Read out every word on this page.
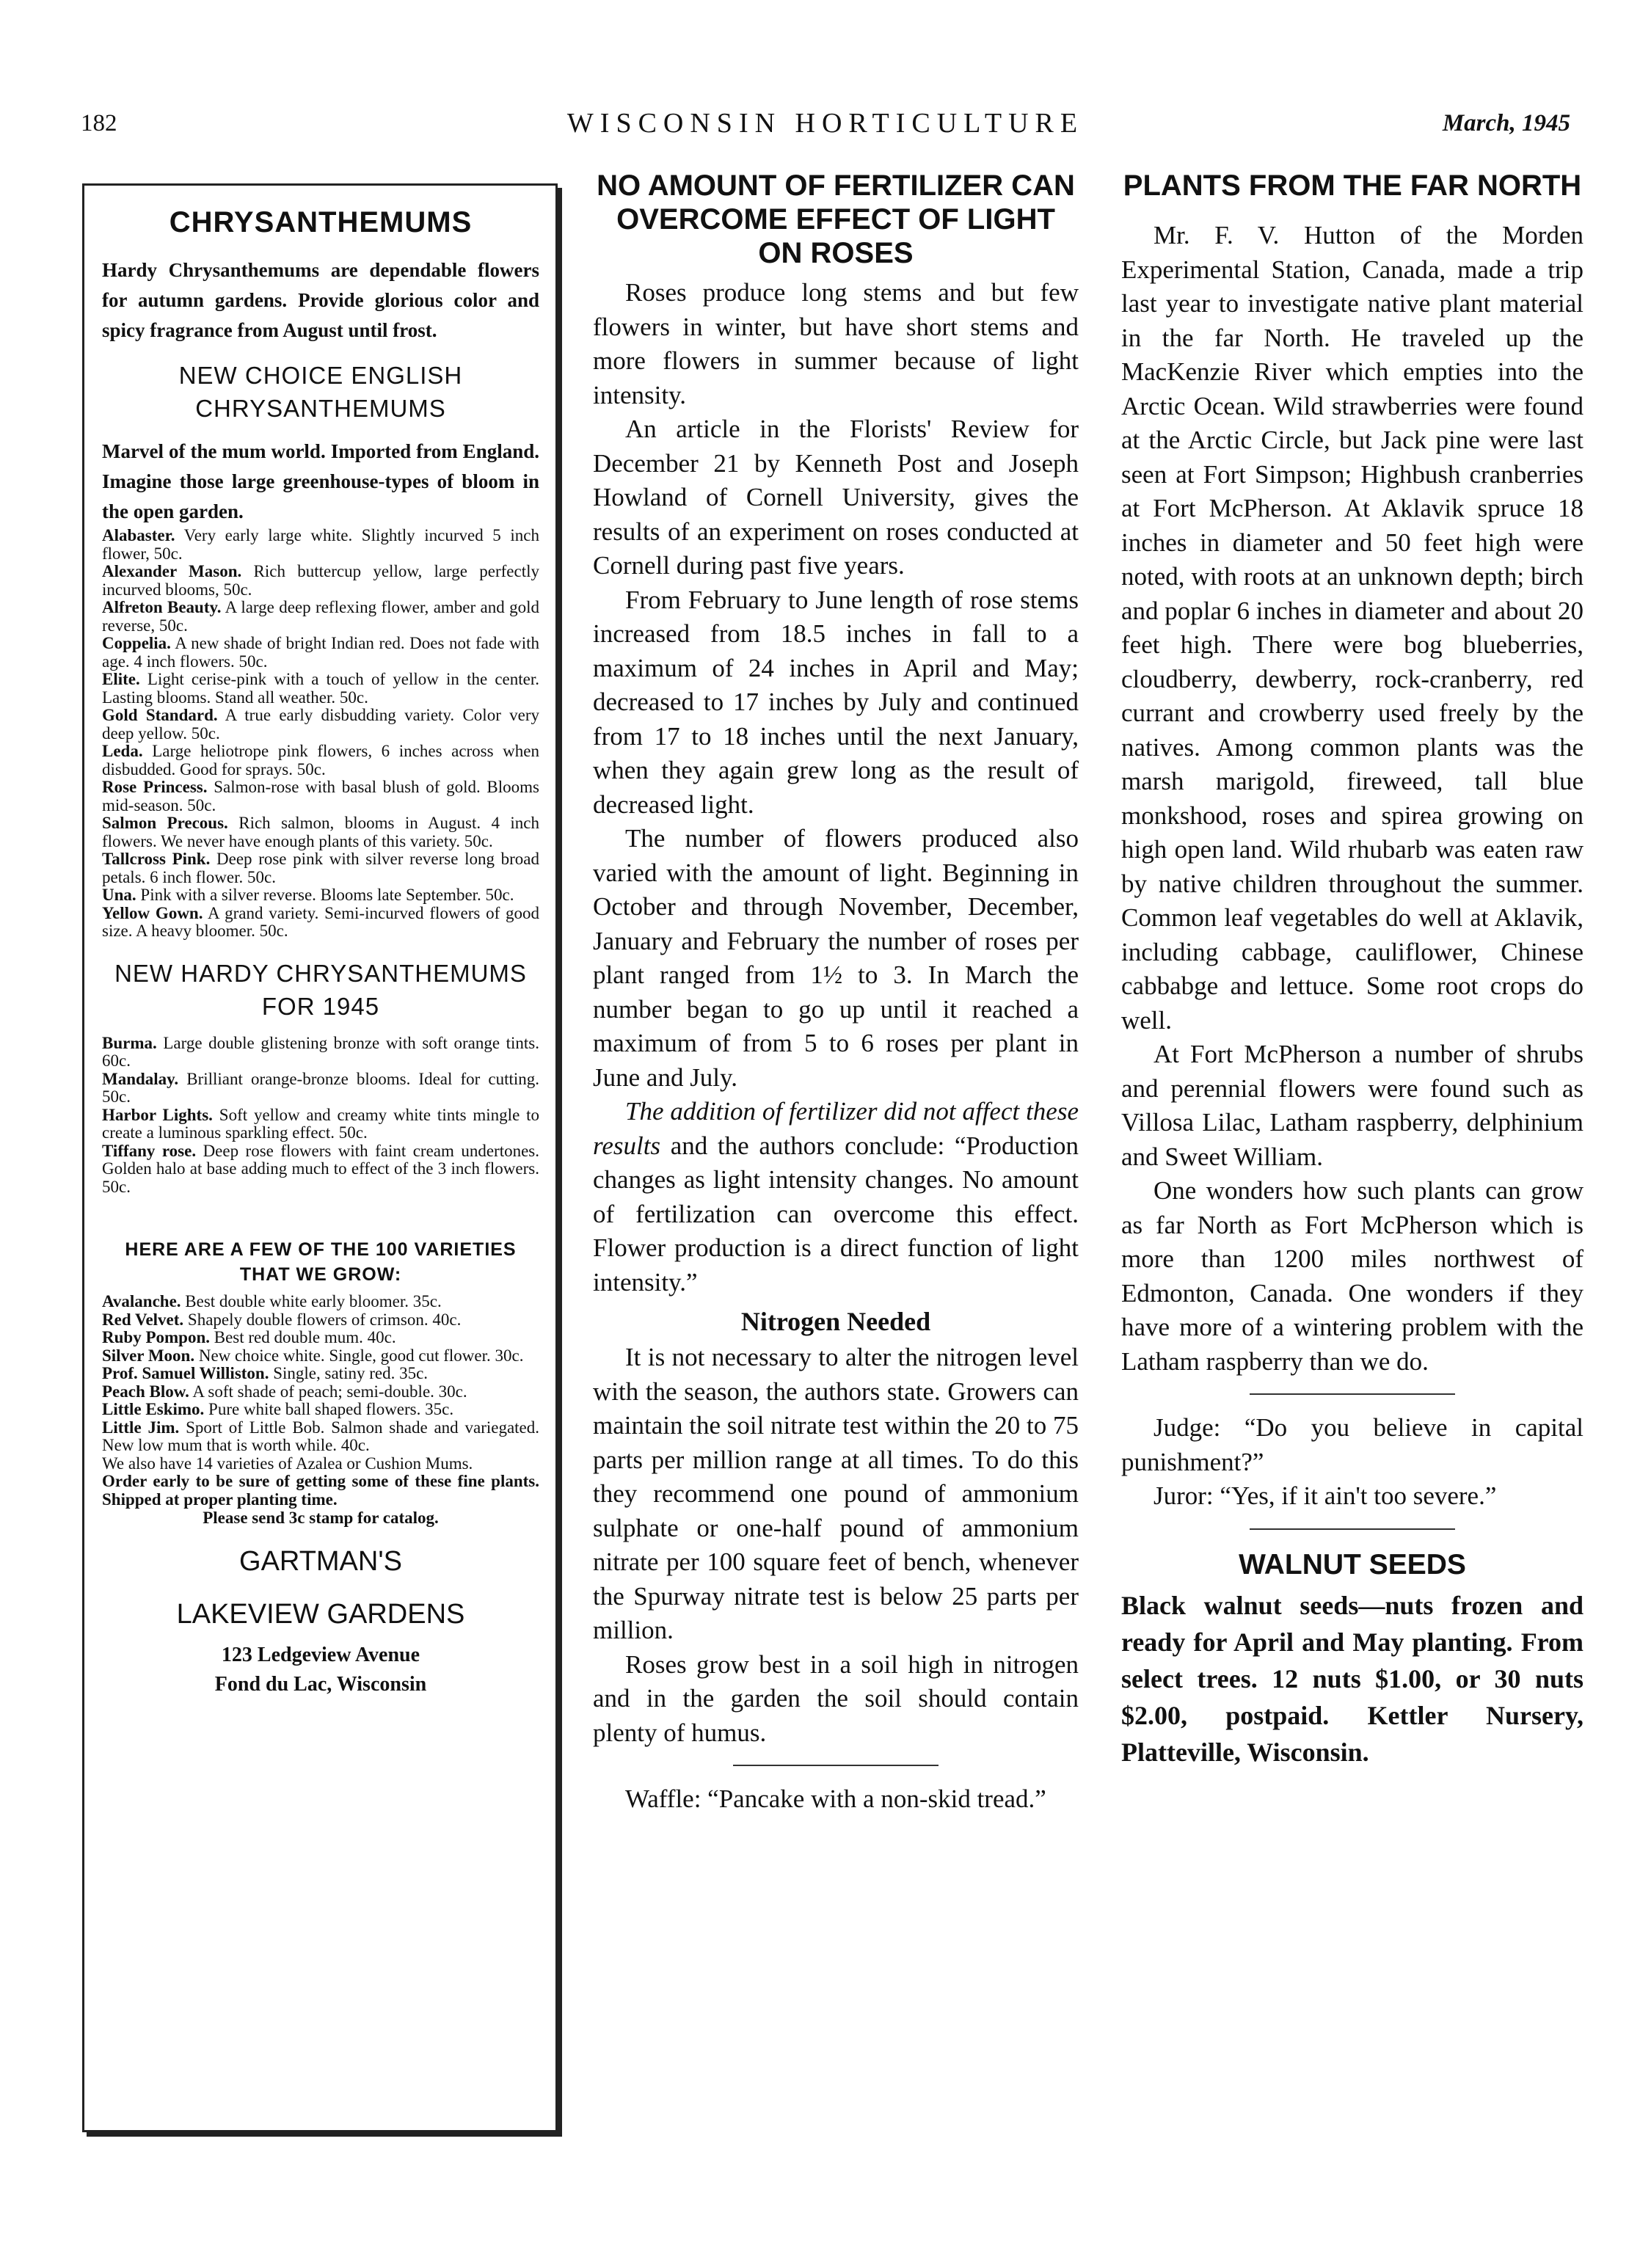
182	WISCONSIN HORTICULTURE	March, 1945
CHRYSANTHEMUMS
Hardy Chrysanthemums are dependable flowers for autumn gardens. Provide glorious color and spicy fragrance from August until frost.
NEW CHOICE ENGLISH CHRYSANTHEMUMS
Marvel of the mum world. Imported from England. Imagine those large greenhouse-types of bloom in the open garden.

Alabaster. Very early large white. Slightly incurved 5 inch flower, 50c.

Alexander Mason. Rich buttercup yellow, large perfectly incurved blooms, 50c.

Alfreton Beauty. A large deep reflexing flower, amber and gold reverse, 50c.

Coppelia. A new shade of bright Indian red. Does not fade with age. 4 inch flowers. 50c.

Elite. Light cerise-pink with a touch of yellow in the center. Lasting blooms. Stand all weather. 50c.

Gold Standard. A true early disbudding variety. Color very deep yellow. 50c.

Leda. Large heliotrope pink flowers, 6 inches across when disbudded. Good for sprays. 50c.

Rose Princess. Salmon-rose with basal blush of gold. Blooms mid-season. 50c.

Salmon Precous. Rich salmon, blooms in August. 4 inch flowers. We never have enough plants of this variety. 50c.

Tallcross Pink. Deep rose pink with silver reverse long broad petals. 6 inch flower. 50c.

Una. Pink with a silver reverse. Blooms late September. 50c.

Yellow Gown. A grand variety. Semi-incurved flowers of good size. A heavy bloomer. 50c.

NEW HARDY CHRYSANTHEMUMS FOR 1945

Burma. Large double glistening bronze with soft orange tints. 60c.

Mandalay. Brilliant orange-bronze blooms. Ideal for cutting. 50c.

Harbor Lights. Soft yellow and creamy white tints mingle to create a luminous sparkling effect. 50c.

Tiffany rose. Deep rose flowers with faint cream undertones. Golden halo at base adding much to effect of the 3 inch flowers. 50c.

HERE ARE A FEW OF THE 100 VARIETIES THAT WE GROW:

Avalanche. Best double white early bloomer. 35c.

Red Velvet. Shapely double flowers of crimson. 40c.

Ruby Pompon. Best red double mum. 40c.

Silver Moon. New choice white. Single, good cut flower. 30c.

Prof. Samuel Williston. Single, satiny red. 35c.

Peach Blow. A soft shade of peach; semi-double. 30c.

Little Eskimo. Pure white ball shaped flowers. 35c.

Little Jim. Sport of Little Bob. Salmon shade and variegated. New low mum that is worth while. 40c.

We also have 14 varieties of Azalea or Cushion Mums.

Order early to be sure of getting some of these fine plants. Shipped at proper planting time.

Please send 3c stamp for catalog.

GARTMAN'S
LAKEVIEW GARDENS
123 Ledgeview Avenue
Fond du Lac, Wisconsin
NO AMOUNT OF FERTILIZER CAN OVERCOME EFFECT OF LIGHT ON ROSES

Roses produce long stems and but few flowers in winter, but have short stems and more flowers in summer because of light intensity.

An article in the Florists' Review for December 21 by Kenneth Post and Joseph Howland of Cornell University, gives the results of an experiment on roses conducted at Cornell during past five years.

From February to June length of rose stems increased from 18.5 inches in fall to a maximum of 24 inches in April and May; decreased to 17 inches by July and continued from 17 to 18 inches until the next January, when they again grew long as the result of decreased light.

The number of flowers produced also varied with the amount of light. Beginning in October and through November, December, January and February the number of roses per plant ranged from 1½ to 3. In March the number began to go up until it reached a maximum of from 5 to 6 roses per plant in June and July.

The addition of fertilizer did not affect these results and the authors conclude: “Production changes as light intensity changes. No amount of fertilization can overcome this effect. Flower production is a direct function of light intensity.”

Nitrogen Needed

It is not necessary to alter the nitrogen level with the season, the authors state. Growers can maintain the soil nitrate test within the 20 to 75 parts per million range at all times. To do this they recommend one pound of ammonium sulphate or one-half pound of ammonium nitrate per 100 square feet of bench, whenever the Spurway nitrate test is below 25 parts per million.

Roses grow best in a soil high in nitrogen and in the garden the soil should contain plenty of humus.

Waffle: “Pancake with a non-skid tread.”

PLANTS FROM THE FAR NORTH

Mr. F. V. Hutton of the Morden Experimental Station, Canada, made a trip last year to investigate native plant material in the far North. He traveled up the MacKenzie River which empties into the Arctic Ocean. Wild strawberries were found at the Arctic Circle, but Jack pine were last seen at Fort Simpson; Highbush cranberries at Fort McPherson. At Aklavik spruce 18 inches in diameter and 50 feet high were noted, with roots at an unknown depth; birch and poplar 6 inches in diameter and about 20 feet high. There were bog blueberries, cloudberry, dewberry, rock-cranberry, red currant and crowberry used freely by the natives. Among common plants was the marsh marigold, fireweed, tall blue monkshood, roses and spirea growing on high open land. Wild rhubarb was eaten raw by native children throughout the summer. Common leaf vegetables do well at Aklavik, including cabbage, cauliflower, Chinese cabbabge and lettuce. Some root crops do well.

At Fort McPherson a number of shrubs and perennial flowers were found such as Villosa Lilac, Latham raspberry, delphinium and Sweet William.

One wonders how such plants can grow as far North as Fort McPherson which is more than 1200 miles northwest of Edmonton, Canada. One wonders if they have more of a wintering problem with the Latham raspberry than we do.

Judge: “Do you believe in capital punishment?”

Juror: “Yes, if it ain't too severe.”

WALNUT SEEDS
Black walnut seeds—nuts frozen and ready for April and May planting. From select trees. 12 nuts $1.00, or 30 nuts $2.00, postpaid. Kettler Nursery, Platteville, Wisconsin.
